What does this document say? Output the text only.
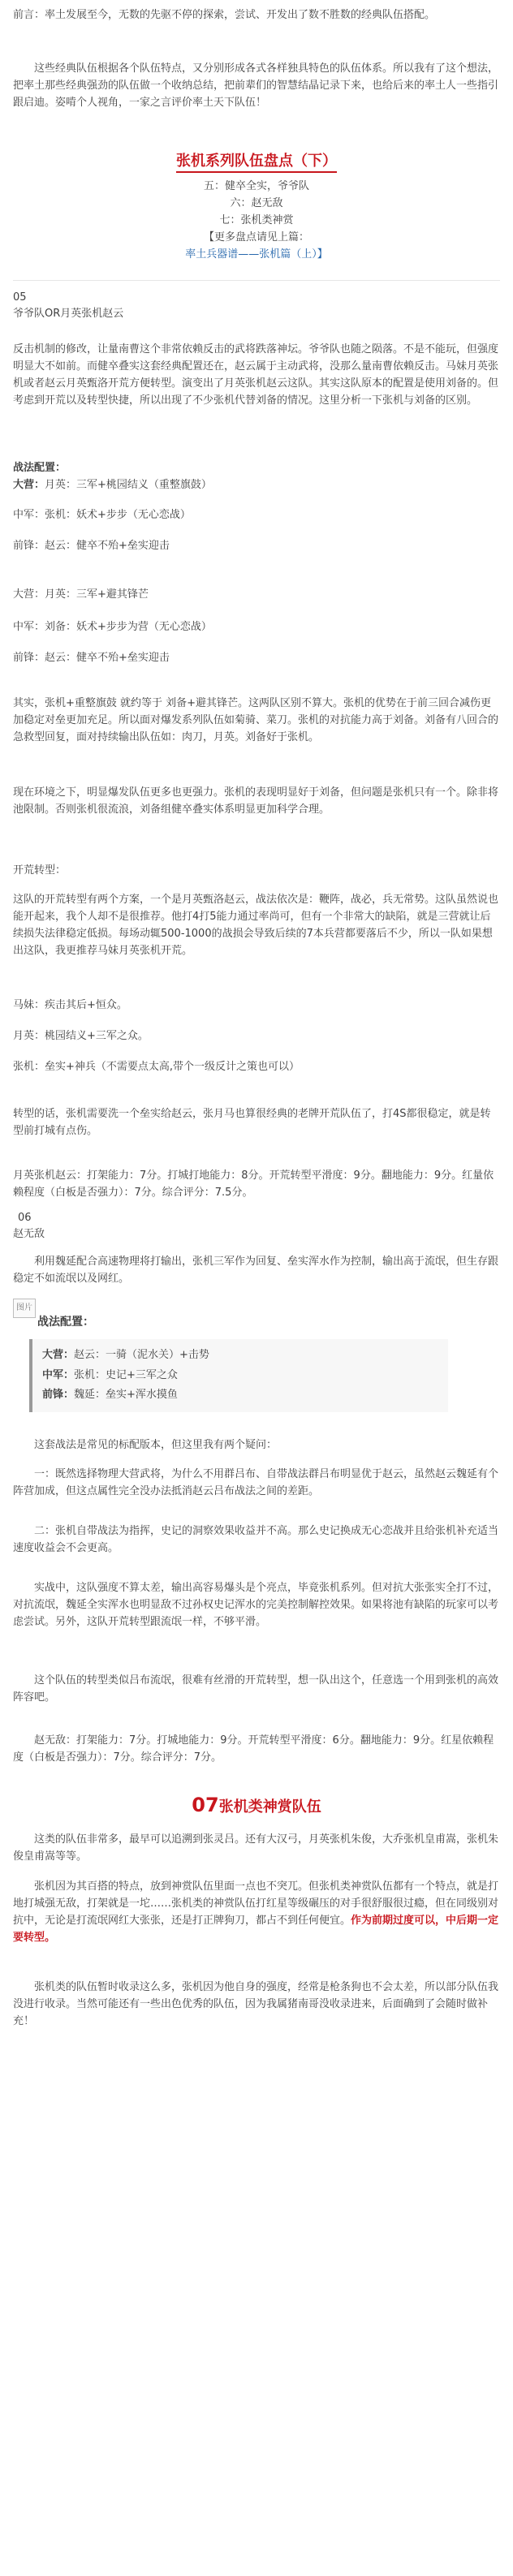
前言：率土发展至今，无数的先驱不停的探索，尝试、开发出了数不胜数的经典队伍搭配。
这些经典队伍根据各个队伍特点，又分别形成各式各样独具特色的队伍体系。所以我有了这个想法，把率土那些经典强劲的队伍做一个收纳总结，把前辈们的智慧结晶记录下来，也给后来的率土人一些指引跟启迪。姿啃个人视角，一家之言评价率土天下队伍！
张机系列队伍盘点（下）
五：健卒全实，爷爷队
六：赵无敌
七：张机类神赏
【更多盘点请见上篇：
率土兵器谱——张机篇（上）】
05
爷爷队OR月英张机赵云
反击机制的修改，让量南曹这个非常依赖反击的武将跌落神坛。爷爷队也随之陨落。不是不能玩，但强度明显大不如前。而健卒叠实这套经典配置还在，赵云属于主动武将，没那么量南曹依赖反击。马妹月英张机或者赵云月英甄洛开荒方便转型。演变出了月英张机赵云这队。其实这队原本的配置是使用刘备的。但考虑到开荒以及转型快捷，所以出现了不少张机代替刘备的情况。这里分析一下张机与刘备的区别。
战法配置：
大营：月英：三军+桃园结义（重整旗鼓）
中军：张机：妖术+步步（无心恋战）
前锋：赵云：健卒不殆+垒实迎击
大营：月英：三军+避其锋芒
中军：刘备：妖术+步步为营（无心恋战）
前锋：赵云：健卒不殆+垒实迎击
其实，张机+重整旗鼓 就约等于 刘备+避其锋芒。这两队区别不算大。张机的优势在于前三回合减伤更加稳定对垒更加充足。所以面对爆发系列队伍如菊骑、菜刀。张机的对抗能力高于刘备。刘备有八回合的急救型回复，面对持续输出队伍如：肉刀，月英。刘备好于张机。
现在环境之下，明显爆发队伍更多也更强力。张机的表现明显好于刘备，但问题是张机只有一个。除非将池限制。否则张机很流浪，刘备组健卒叠实体系明显更加科学合理。
开荒转型：
这队的开荒转型有两个方案，一个是月英甄洛赵云，战法依次是：鞭阵，战必，兵无常势。这队虽然说也能开起来，我个人却不是很推荐。他打4打5能力通过率尚可，但有一个非常大的缺陷，就是三营就让后续损失法律稳定低损。每场动辄500-1000的战损会导致后续的7本兵营都要落后不少，所以一队如果想出这队，我更推荐马妹月英张机开荒。
马妹：疾击其后+恒众。
月英：桃园结义+三军之众。
张机：垒实+神兵（不需要点太高,带个一级反计之策也可以）
转型的话，张机需要洗一个垒实给赵云，张月马也算很经典的老牌开荒队伍了，打4S都很稳定，就是转型前打城有点伤。
月英张机赵云：打架能力：7分。打城打地能力：8分。开荒转型平滑度：9分。翻地能力：9分。红量依赖程度（白板是否强力）：7分。综合评分：7.5分。
06
赵无敌
利用魏延配合高速物理将打输出，张机三军作为回复、垒实浑水作为控制，输出高于流氓，但生存跟稳定不如流氓以及网红。
图片
战法配置：
大营：赵云：一骑（泥水关）+击势
中军：张机：史记+三军之众
前锋：魏延：垒实+浑水摸鱼
这套战法是常见的标配版本，但这里我有两个疑问：
一：既然选择物理大营武将，为什么不用群吕布、自带战法群吕布明显优于赵云，虽然赵云魏延有个阵营加成，但这点属性完全没办法抵消赵云吕布战法之间的差距。
二：张机自带战法为指挥，史记的洞察效果收益并不高。那么史记换成无心恋战并且给张机补充适当速度收益会不会更高。
实战中，这队强度不算太差，输出高容易爆头是个亮点，毕竟张机系列。但对抗大张张实全打不过，对抗流氓，魏延全实浑水也明显敌不过孙权史记浑水的完美控制解控效果。如果将池有缺陷的玩家可以考虑尝试。另外，这队开荒转型跟流氓一样，不够平滑。
这个队伍的转型类似吕布流氓，很难有丝滑的开荒转型，想一队出这个，任意选一个用到张机的高效阵容吧。
赵无敌：打架能力：7分。打城地能力：9分。开荒转型平滑度：6分。翻地能力：9分。红星依赖程度（白板是否强力）：7分。综合评分：7分。
07张机类神赏队伍
这类的队伍非常多，最早可以追溯到张灵吕。还有大汉弓，月英张机朱俊，大乔张机皇甫嵩，张机朱俊皇甫嵩等等。
张机因为其百搭的特点，放到神赏队伍里面一点也不突兀。但张机类神赏队伍都有一个特点，就是打地打城强无敌，打架就是一坨……张机类的神赏队伍打红星等级碾压的对手很舒服很过瘾，但在同级别对抗中，无论是打流氓网红大张张，还是打正牌狗刀，都占不到任何便宜。作为前期过度可以，中后期一定要转型。
张机类的队伍暂时收录这么多，张机因为他自身的强度，经常是枪条狗也不会太差，所以部分队伍我没进行收录。当然可能还有一些出色优秀的队伍，因为我属猪南哥没收录进来，后面确到了会随时做补充！
